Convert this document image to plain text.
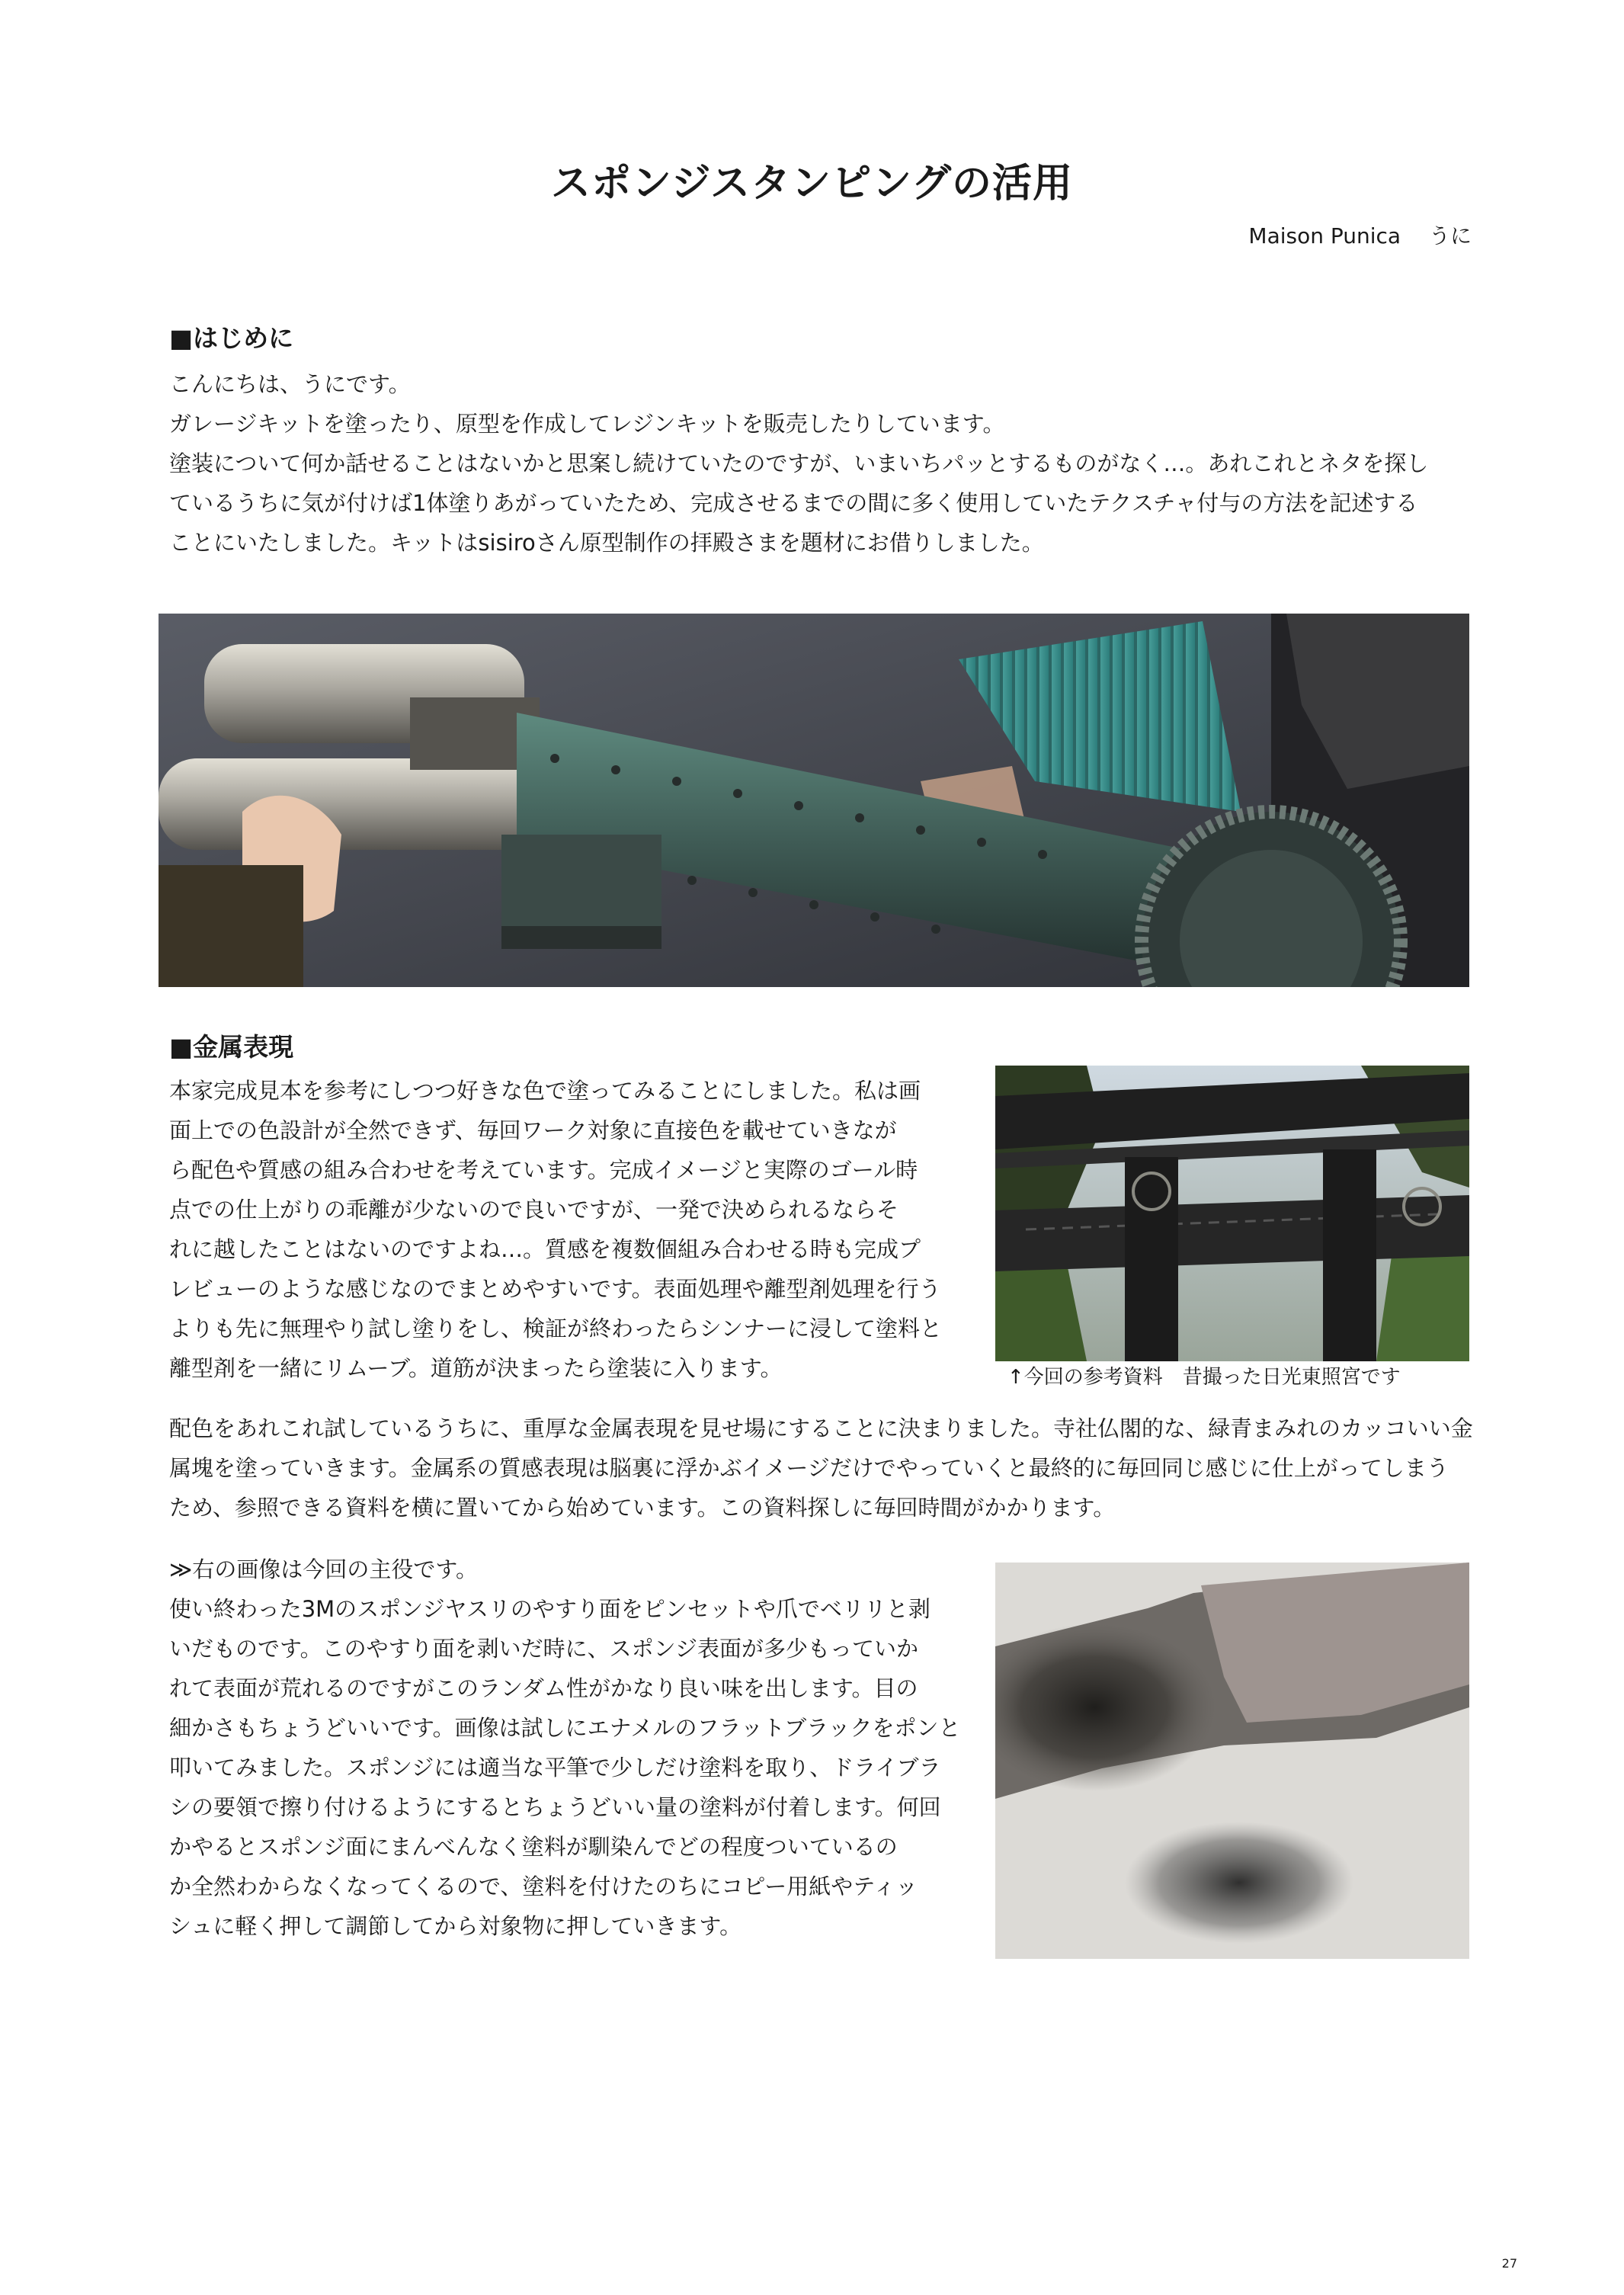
スポンジスタンピングの活用
Maison Punica　 うに
■はじめに

こんにちは、うにです。

ガレージキットを塗ったり、原型を作成してレジンキットを販売したりしています。

塗装について何か話せることはないかと思案し続けていたのですが、いまいちパッとするものがなく…。あれこれとネタを探し

ているうちに気が付けば1体塗りあがっていたため、完成させるまでの間に多く使用していたテクスチャ付与の方法を記述する

ことにいたしました。キットはsisiroさん原型制作の拝殿さまを題材にお借りしました。

■金属表現

本家完成見本を参考にしつつ好きな色で塗ってみることにしました。私は画

面上での色設計が全然できず、毎回ワーク対象に直接色を載せていきなが

ら配色や質感の組み合わせを考えています。完成イメージと実際のゴール時

点での仕上がりの乖離が少ないので良いですが、一発で決められるならそ

れに越したことはないのですよね…。質感を複数個組み合わせる時も完成プ

レビューのような感じなのでまとめやすいです。表面処理や離型剤処理を行う

よりも先に無理やり試し塗りをし、検証が終わったらシンナーに浸して塗料と

離型剤を一緒にリムーブ。道筋が決まったら塗装に入ります。	↑今回の参考資料　昔撮った日光東照宮です

配色をあれこれ試しているうちに、重厚な金属表現を見せ場にすることに決まりました。寺社仏閣的な、緑青まみれのカッコいい金

属塊を塗っていきます。金属系の質感表現は脳裏に浮かぶイメージだけでやっていくと最終的に毎回同じ感じに仕上がってしまう

ため、参照できる資料を横に置いてから始めています。この資料探しに毎回時間がかかります。

≫右の画像は今回の主役です。

使い終わった3Mのスポンジヤスリのやすり面をピンセットや爪でベリリと剥

いだものです。このやすり面を剥いだ時に、スポンジ表面が多少もっていか

れて表面が荒れるのですがこのランダム性がかなり良い味を出します。目の

細かさもちょうどいいです。画像は試しにエナメルのフラットブラックをポンと

叩いてみました。スポンジには適当な平筆で少しだけ塗料を取り、ドライブラ

シの要領で擦り付けるようにするとちょうどいい量の塗料が付着します。何回

かやるとスポンジ面にまんべんなく塗料が馴染んでどの程度ついているの

か全然わからなくなってくるので、塗料を付けたのちにコピー用紙やティッ

シュに軽く押して調節してから対象物に押していきます。

27
